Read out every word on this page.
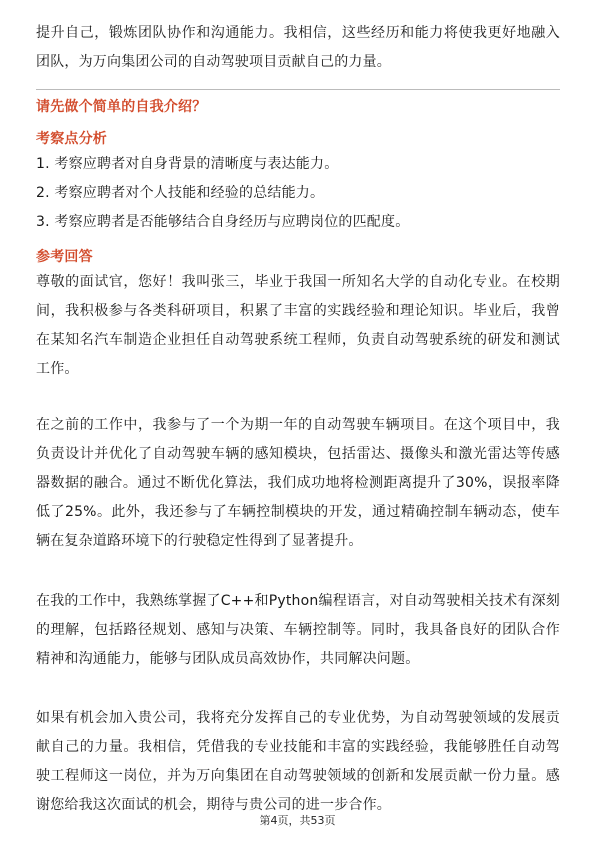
提升自己，锻炼团队协作和沟通能力。我相信，这些经历和能力将使我更好地融入团队，为万向集团公司的自动驾驶项目贡献自己的力量。

请先做个简单的自我介绍？

考察点分析

1. 考察应聘者对自身背景的清晰度与表达能力。

2. 考察应聘者对个人技能和经验的总结能力。

3. 考察应聘者是否能够结合自身经历与应聘岗位的匹配度。

参考回答

尊敬的面试官，您好！我叫张三，毕业于我国一所知名大学的自动化专业。在校期间，我积极参与各类科研项目，积累了丰富的实践经验和理论知识。毕业后，我曾在某知名汽车制造企业担任自动驾驶系统工程师，负责自动驾驶系统的研发和测试工作。

在之前的工作中，我参与了一个为期一年的自动驾驶车辆项目。在这个项目中，我负责设计并优化了自动驾驶车辆的感知模块，包括雷达、摄像头和激光雷达等传感器数据的融合。通过不断优化算法，我们成功地将检测距离提升了30%，误报率降低了25%。此外，我还参与了车辆控制模块的开发，通过精确控制车辆动态，使车辆在复杂道路环境下的行驶稳定性得到了显著提升。

在我的工作中，我熟练掌握了C++和Python编程语言，对自动驾驶相关技术有深刻的理解，包括路径规划、感知与决策、车辆控制等。同时，我具备良好的团队合作精神和沟通能力，能够与团队成员高效协作，共同解决问题。

如果有机会加入贵公司，我将充分发挥自己的专业优势，为自动驾驶领域的发展贡献自己的力量。我相信，凭借我的专业技能和丰富的实践经验，我能够胜任自动驾驶工程师这一岗位，并为万向集团在自动驾驶领域的创新和发展贡献一份力量。感谢您给我这次面试的机会，期待与贵公司的进一步合作。

第4页，共53页
